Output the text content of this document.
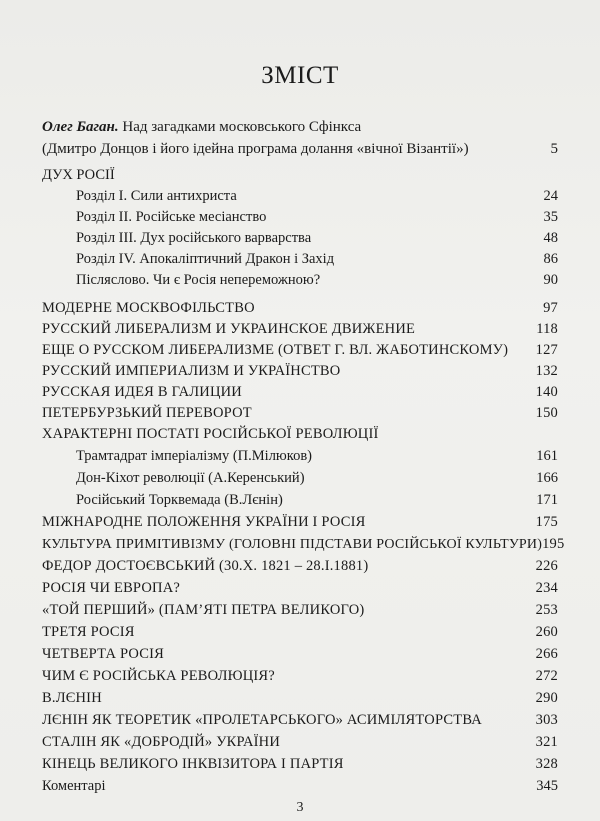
ЗМІСТ
Олег Баган. Над загадками московського Сфінкса
(Дмитро Донцов і його ідейна програма долання «вічної Візантії»)	5
ДУХ РОСІЇ
Розділ І. Сили антихриста	24
Розділ ІІ. Російське месіанство	35
Розділ ІІІ. Дух російського варварства	48
Розділ IV. Апокаліптичний Дракон і Захід	86
Післяслово. Чи є Росія непереможною?	90
МОДЕРНЕ МОСКВОФІЛЬСТВО	97
РУССКИЙ ЛИБЕРАЛИЗМ И УКРАИНСКОЕ ДВИЖЕНИЕ	118
ЕЩЕ О РУССКОМ ЛИБЕРАЛИЗМЕ (ОТВЕТ Г. ВЛ. ЖАБОТИНСКОМУ) 127
РУССКИЙ ИМПЕРИАЛИЗМ И УКРАЇНСТВО	132
РУССКАЯ ИДЕЯ В ГАЛИЦИИ	140
ПЕТЕРБУРЗЬКИЙ ПЕРЕВОРОТ	150
ХАРАКТЕРНІ ПОСТАТІ РОСІЙСЬКОЇ РЕВОЛЮЦІЇ
Трамтадрат імперіалізму (П.Мілюков)	161
Дон-Кіхот революції (А.Керенський)	166
Російський Торквемада (В.Лєнін)	171
МІЖНАРОДНЕ ПОЛОЖЕННЯ УКРАЇНИ І РОСІЯ	175
КУЛЬТУРА ПРИМІТИВІЗМУ (ГОЛОВНІ ПІДСТАВИ РОСІЙСЬКОЇ КУЛЬТУРИ) 195
ФЕДОР ДОСТОЄВСЬКИЙ (30.X. 1821 – 28.I.1881)	226
РОСІЯ ЧИ ЕВРОПА?	234
«ТОЙ ПЕРШИЙ» (ПАМ’ЯТІ ПЕТРА ВЕЛИКОГО)	253
ТРЕТЯ РОСІЯ	260
ЧЕТВЕРТА РОСІЯ	266
ЧИМ Є РОСІЙСЬКА РЕВОЛЮЦІЯ?	272
В.ЛЄНІН	290
ЛЄНІН ЯК ТЕОРЕТИК «ПРОЛЕТАРСЬКОГО» АСИМІЛЯТОРСТВА	303
СТАЛІН ЯК «ДОБРОДІЙ» УКРАЇНИ	321
КІНЕЦЬ ВЕЛИКОГО ІНКВІЗИТОРА І ПАРТІЯ	328
Коментарі	345
3
